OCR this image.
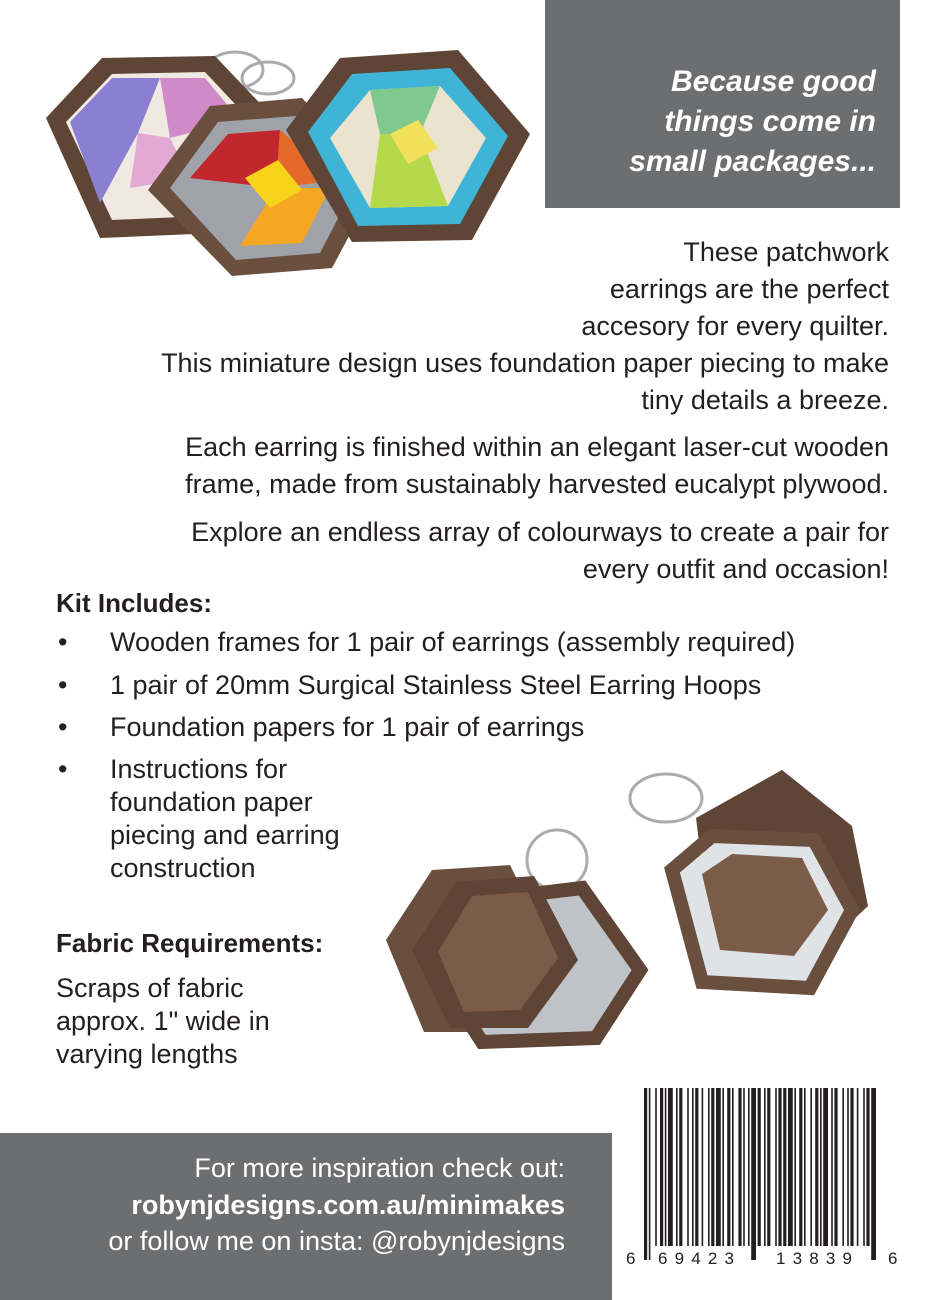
Because good
things come in
small packages...
These patchwork
earrings are the perfect
accesory for every quilter.
This miniature design uses foundation paper piecing to make
tiny details a breeze.
Each earring is finished within an elegant laser-cut wooden
frame, made from sustainably harvested eucalypt plywood.
Explore an endless array of colourways to create a pair for
every outfit and occasion!
Kit Includes:
• Wooden frames for 1 pair of earrings (assembly required)
• 1 pair of 20mm Surgical Stainless Steel Earring Hoops
• Foundation papers for 1 pair of earrings
• Instructions for
foundation paper
piecing and earring
construction
Fabric Requirements:
Scraps of fabric
approx. 1" wide in
varying lengths
For more inspiration check out:
robynjdesigns.com.au/minimakes
or follow me on insta: @robynjdesigns
6 69423 13839 6
